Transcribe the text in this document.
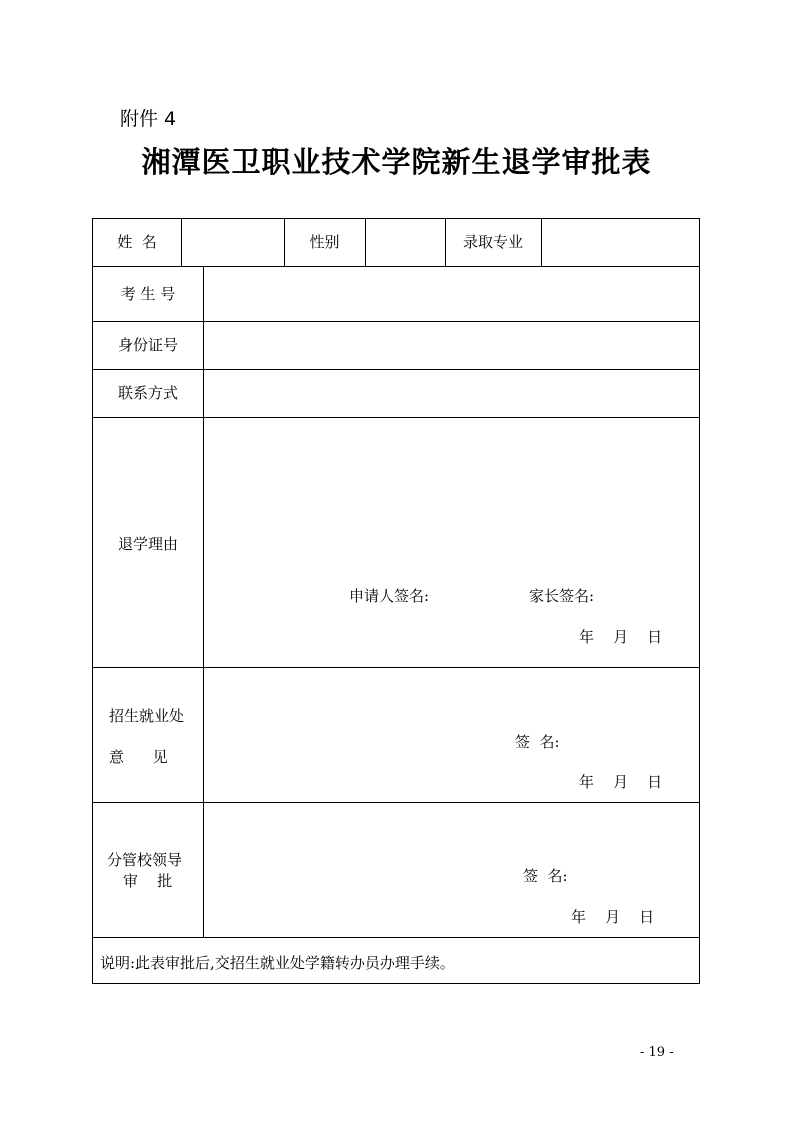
附件 4
湘潭医卫职业技术学院新生退学审批表
姓  名	性别	录取专业
考 生 号
身份证号
联系方式
退学理由
申请人签名:	家长签名:
年    月    日
招生就业处
意      见
签  名:
年    月    日
分管校领导
审    批	签  名:
年    月    日
说明:此表审批后,交招生就业处学籍转办员办理手续。
- 19 -
